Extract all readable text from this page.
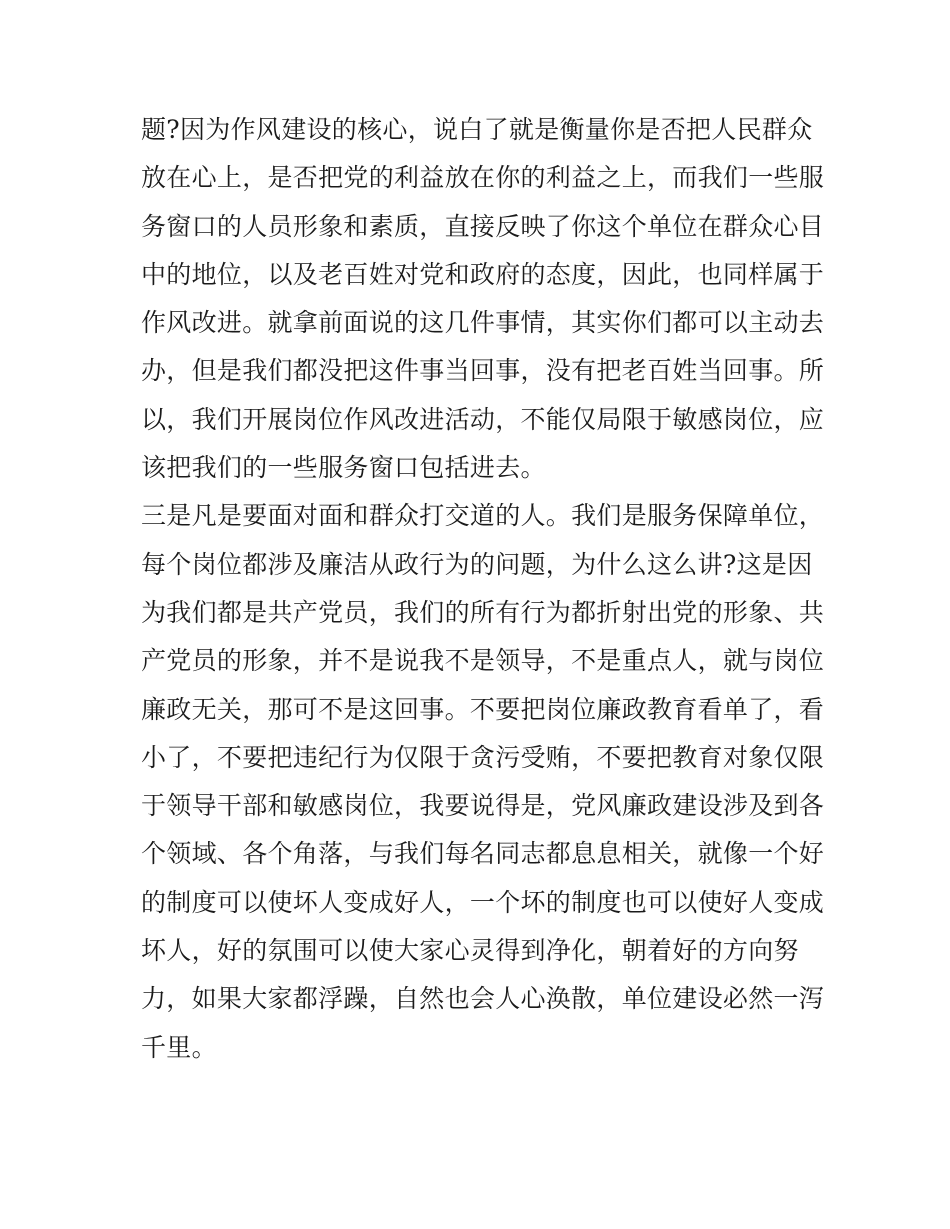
题?因为作风建设的核心，说白了就是衡量你是否把人民群众
放在心上，是否把党的利益放在你的利益之上，而我们一些服
务窗口的人员形象和素质，直接反映了你这个单位在群众心目
中的地位，以及老百姓对党和政府的态度，因此，也同样属于
作风改进。就拿前面说的这几件事情，其实你们都可以主动去
办，但是我们都没把这件事当回事，没有把老百姓当回事。所
以，我们开展岗位作风改进活动，不能仅局限于敏感岗位，应
该把我们的一些服务窗口包括进去。
三是凡是要面对面和群众打交道的人。我们是服务保障单位，
每个岗位都涉及廉洁从政行为的问题，为什么这么讲?这是因
为我们都是共产党员，我们的所有行为都折射出党的形象、共
产党员的形象，并不是说我不是领导，不是重点人，就与岗位
廉政无关，那可不是这回事。不要把岗位廉政教育看单了，看
小了，不要把违纪行为仅限于贪污受贿，不要把教育对象仅限
于领导干部和敏感岗位，我要说得是，党风廉政建设涉及到各
个领域、各个角落，与我们每名同志都息息相关，就像一个好
的制度可以使坏人变成好人，一个坏的制度也可以使好人变成
坏人，好的氛围可以使大家心灵得到净化，朝着好的方向努
力，如果大家都浮躁，自然也会人心涣散，单位建设必然一泻
千里。
